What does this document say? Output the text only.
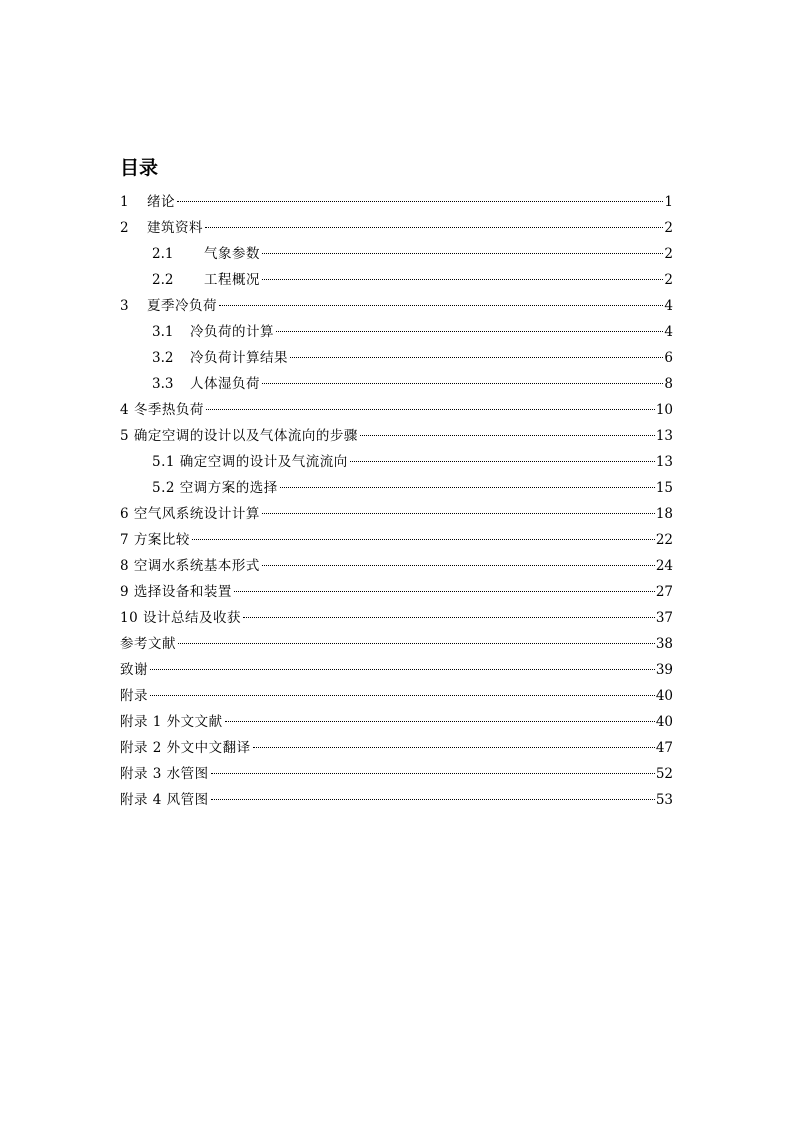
目录
1	绪论	1
2	建筑资料	2
2.1	气象参数	2
2.2	工程概况	2
3	夏季冷负荷	4
3.1	冷负荷的计算	4
3.2	冷负荷计算结果	6
3.3	人体湿负荷	8
4 冬季热负荷	10
5 确定空调的设计以及气体流向的步骤	13
5.1 确定空调的设计及气流流向	13
5.2 空调方案的选择	15
6 空气风系统设计计算	18
7 方案比较	22
8 空调水系统基本形式	24
9 选择设备和装置	27
10 设计总结及收获	37
参考文献	38
致谢	39
附录	40
附录 1 外文文献	40
附录 2 外文中文翻译	47
附录 3 水管图	52
附录 4 风管图	53
